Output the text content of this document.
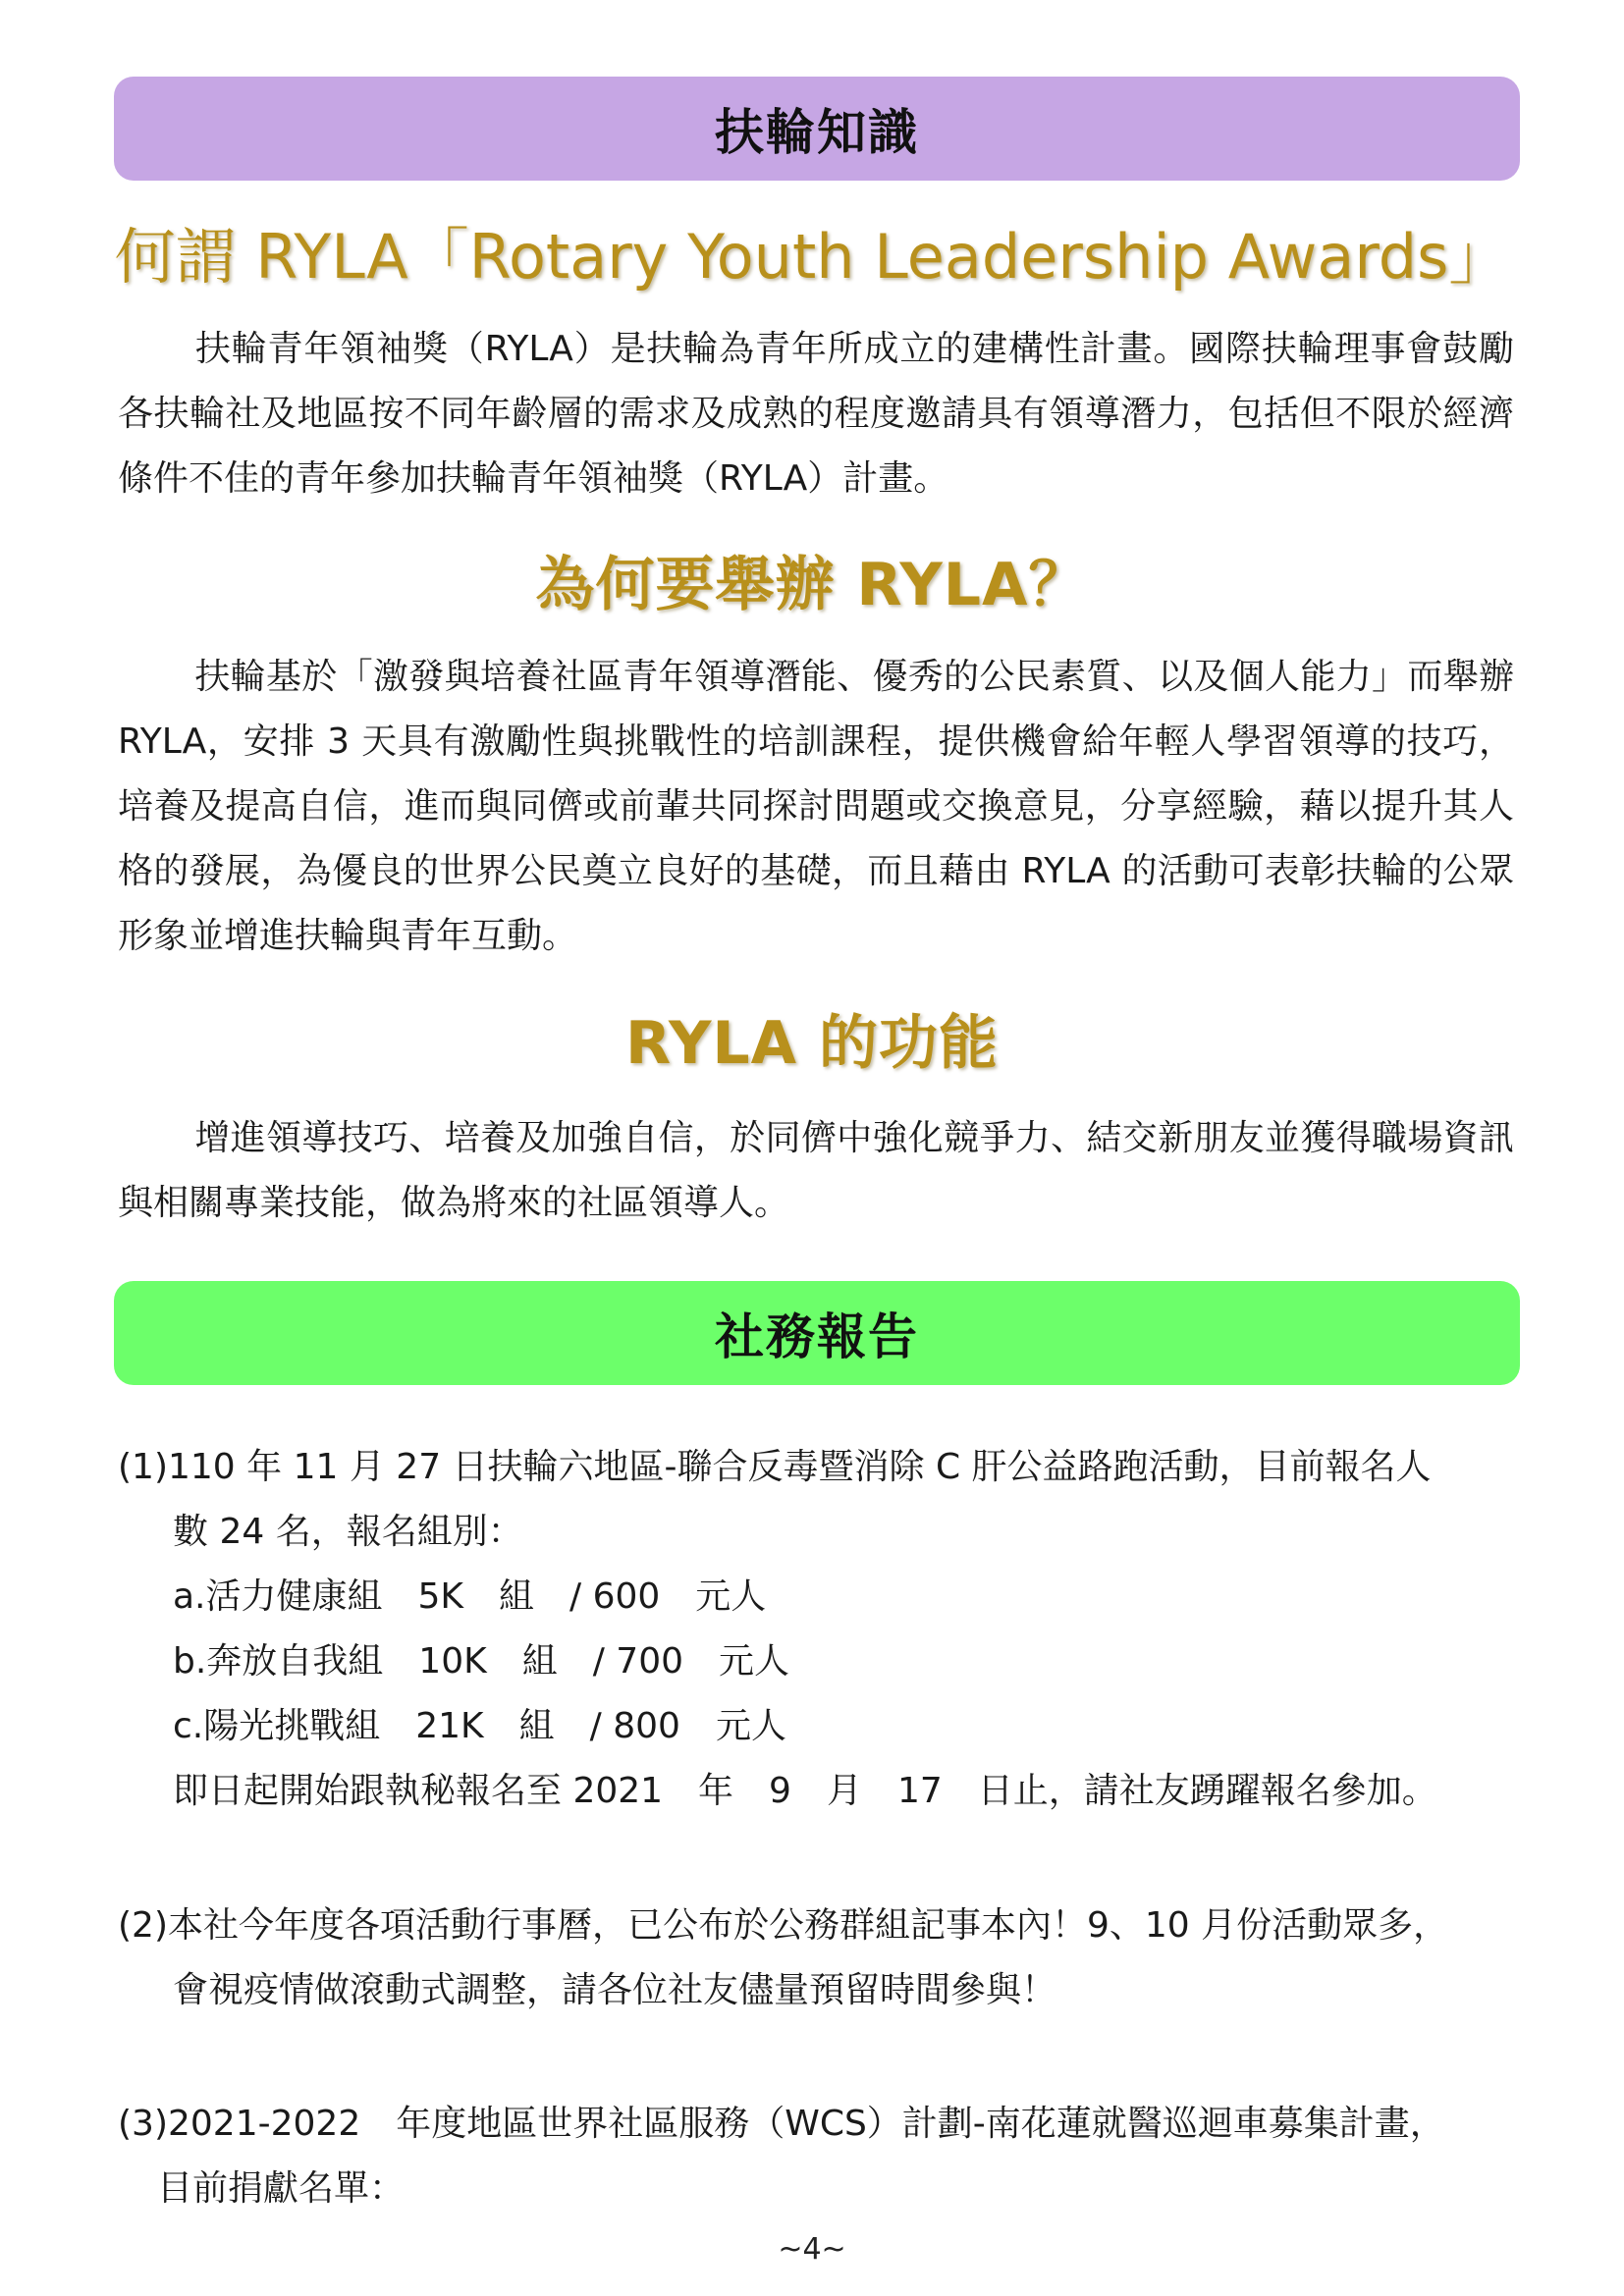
扶輪知識
何謂 RYLA「Rotary Youth Leadership Awards」

扶輪青年領袖獎（RYLA）是扶輪為青年所成立的建構性計畫。國際扶輪理事會鼓勵各扶輪社及地區按不同年齡層的需求及成熟的程度邀請具有領導潛力，包括但不限於經濟條件不佳的青年參加扶輪青年領袖獎（RYLA）計畫。

為何要舉辦 RYLA？

扶輪基於「激發與培養社區青年領導潛能、優秀的公民素質、以及個人能力」而舉辦 RYLA，安排 3 天具有激勵性與挑戰性的培訓課程，提供機會給年輕人學習領導的技巧，培養及提高自信，進而與同儕或前輩共同探討問題或交換意見，分享經驗，藉以提升其人格的發展，為優良的世界公民奠立良好的基礎，而且藉由 RYLA 的活動可表彰扶輪的公眾形象並增進扶輪與青年互動。

RYLA 的功能

增進領導技巧、培養及加強自信，於同儕中強化競爭力、結交新朋友並獲得職場資訊與相關專業技能，做為將來的社區領導人。

社務報告
(1)110 年 11 月 27 日扶輪六地區-聯合反毒暨消除 C 肝公益路跑活動，目前報名人
數 24 名，報名組別：
a.活力健康組　5K　組　/ 600　元人
b.奔放自我組　10K　組　/ 700　元人
c.陽光挑戰組　21K　組　/ 800　元人
即日起開始跟執秘報名至 2021　年　9　月　17　日止，請社友踴躍報名參加。
(2)本社今年度各項活動行事曆，已公布於公務群組記事本內！9、10 月份活動眾多，
會視疫情做滾動式調整，請各位社友儘量預留時間參與！
(3)2021-2022　年度地區世界社區服務（WCS）計劃-南花蓮就醫巡迴車募集計畫，
目前捐獻名單：
~4~
